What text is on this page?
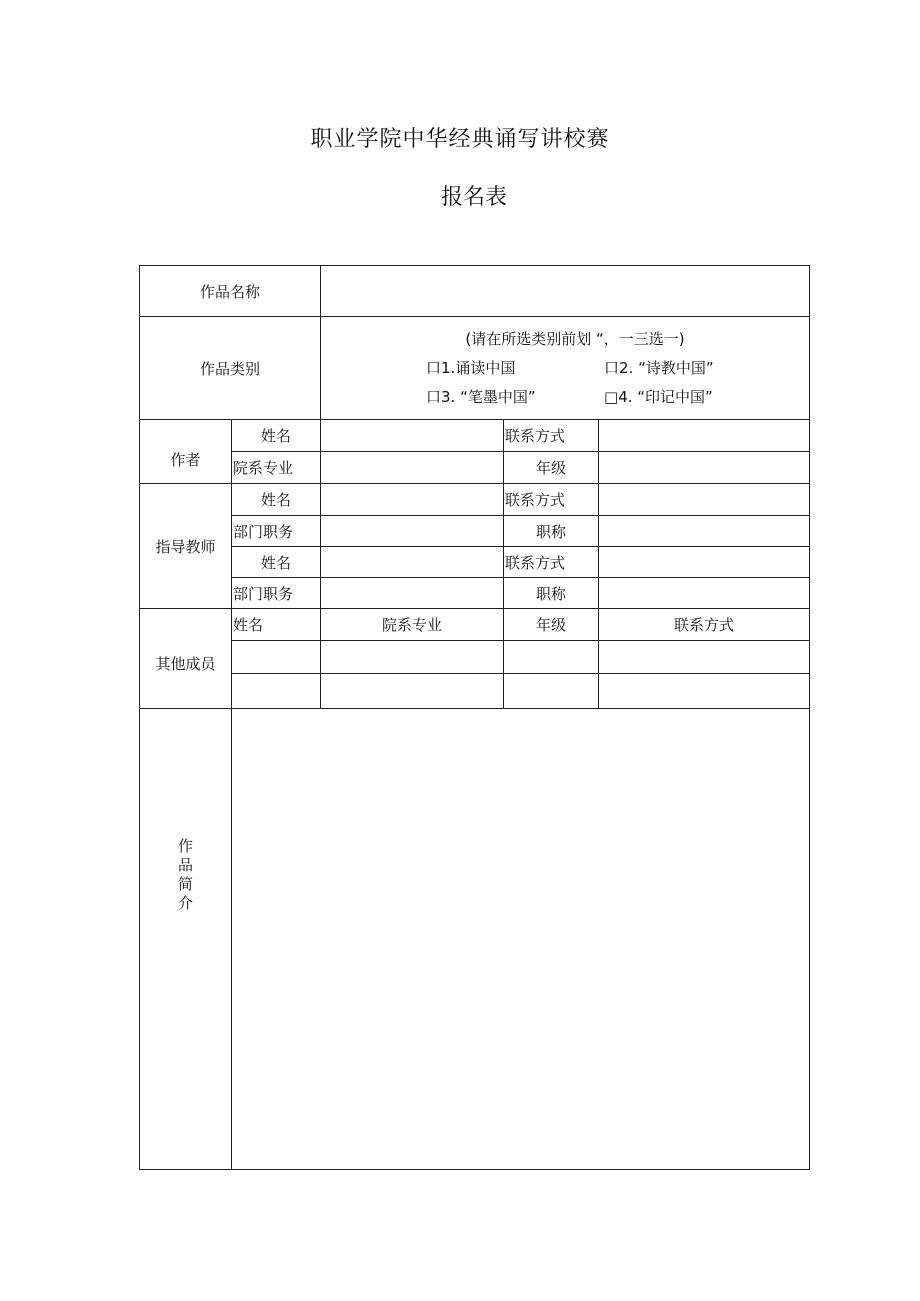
职业学院中华经典诵写讲校赛
报名表
作品名称				
作品类别		(请在所选类别前划 “，一三选一)
口1.诵读中国 口2. “诗教中国”
口3. “笔墨中国” □4. “印记中国”		

作者	姓名		联系方式	
	院系专业		年级	
指导教师	姓名		联系方式	
	部门职务		职称	
	姓名		联系方式	
	部门职务		职称	
其他成员	姓名	院系专业	年级	联系方式

作品简介				
